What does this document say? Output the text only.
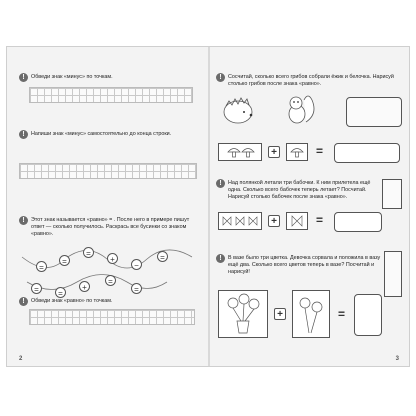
!	Обведи знак «минус» по точкам.
!	Напиши знак «минус» самостоятельно до конца строки.
!	Этот знак называется «равно» = . После него в примере пишут ответ — сколько получилось. Раскрась все бусинки со знаком «равно».
=
=
=
+
−
=
=	=
+
=
=
!	Обведи знак «равно» по точкам.
2
!	Сосчитай, сколько всего грибов собрали ёжик и белочка. Нарисуй столько грибов после знака «равно».
+	=
!	Над полянкой летали три бабочки. К ним прилетела ещё одна. Сколько всего бабочек теперь летает? Посчитай. Нарисуй столько бабочек после знака «равно».
+	=
!	В вазе было три цветка. Девочка сорвала и положила в вазу ещё два. Сколько всего цветов теперь в вазе? Посчитай и нарисуй!
+	=
3
